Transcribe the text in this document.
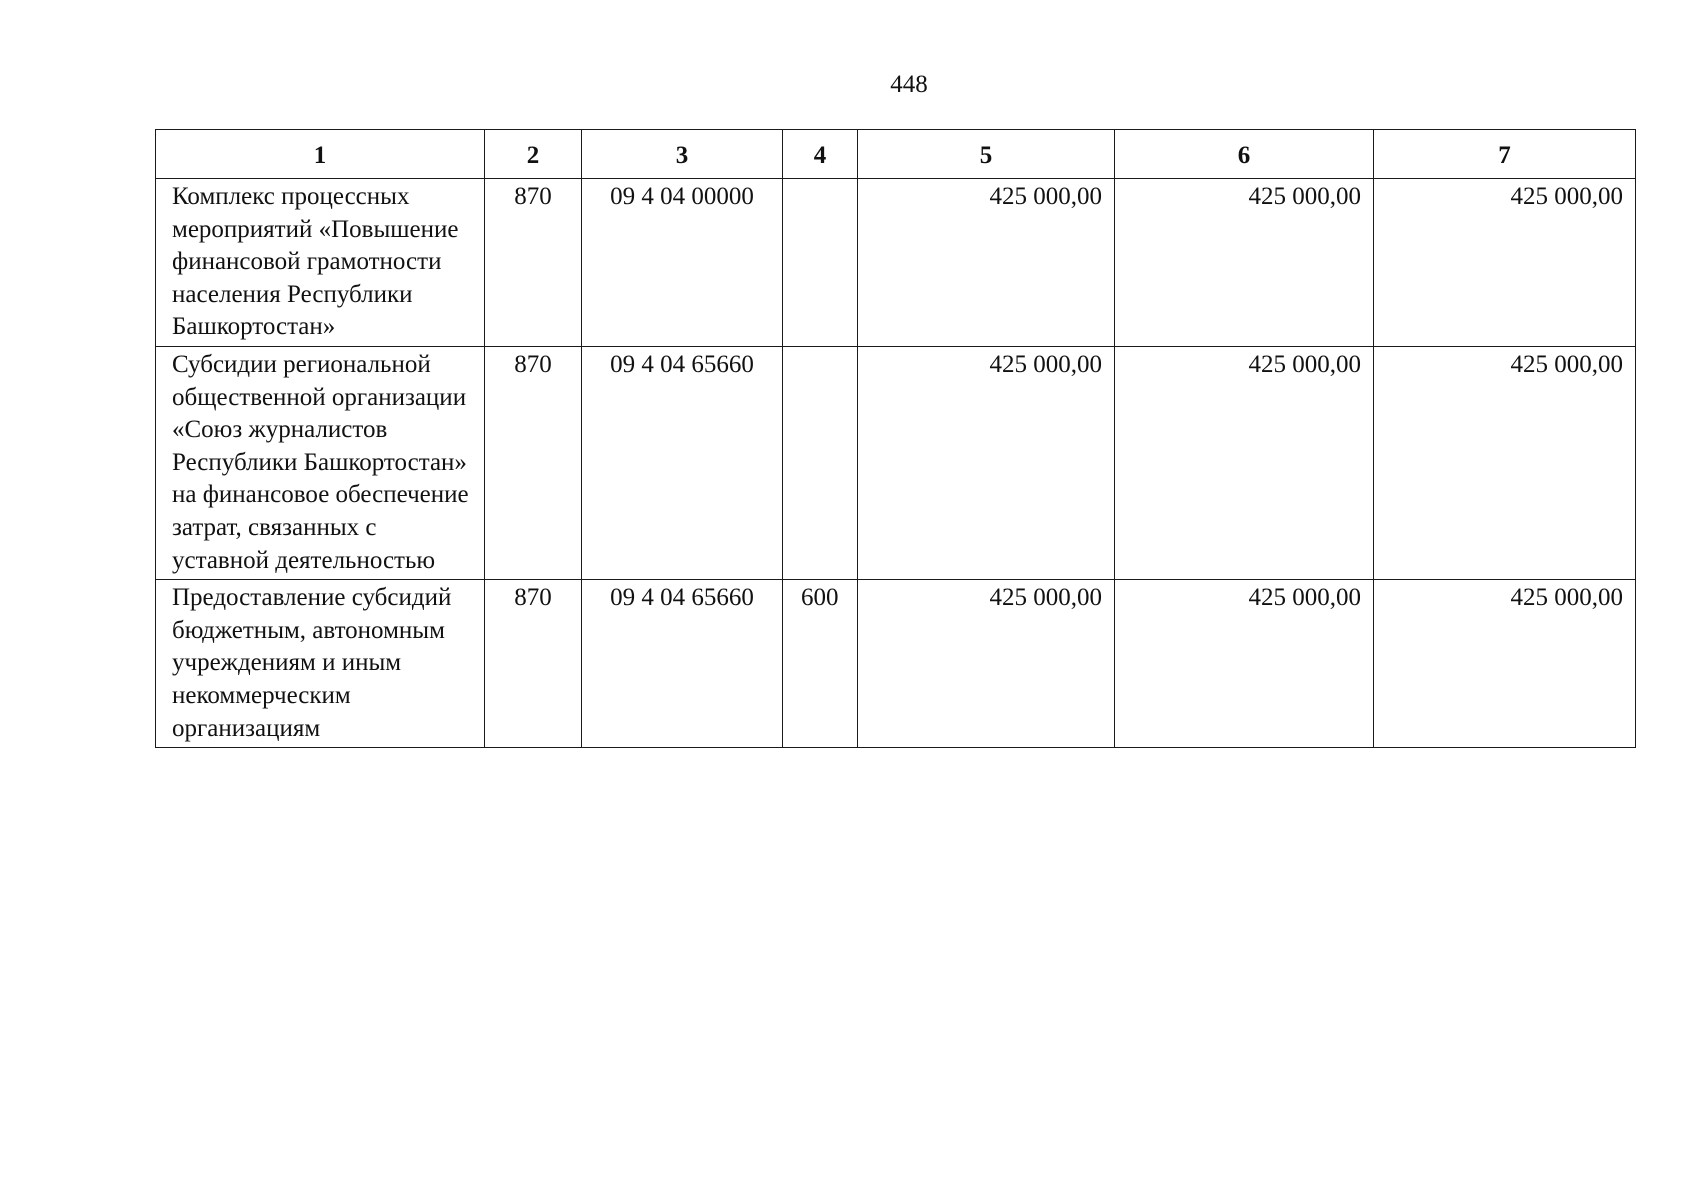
448
1	2	3	4	5	6	7
Комплекс процессных мероприятий «Повышение финансовой грамотности населения Республики Башкортостан»	870	09 4 04 00000		425 000,00	425 000,00	425 000,00
Субсидии региональной общественной организации «Союз журналистов Республики Башкортостан» на финансовое обеспечение затрат, связанных с уставной деятельностью	870	09 4 04 65660		425 000,00	425 000,00	425 000,00
Предоставление субсидий бюджетным, автономным учреждениям и иным некоммерческим организациям	870	09 4 04 65660	600	425 000,00	425 000,00	425 000,00
